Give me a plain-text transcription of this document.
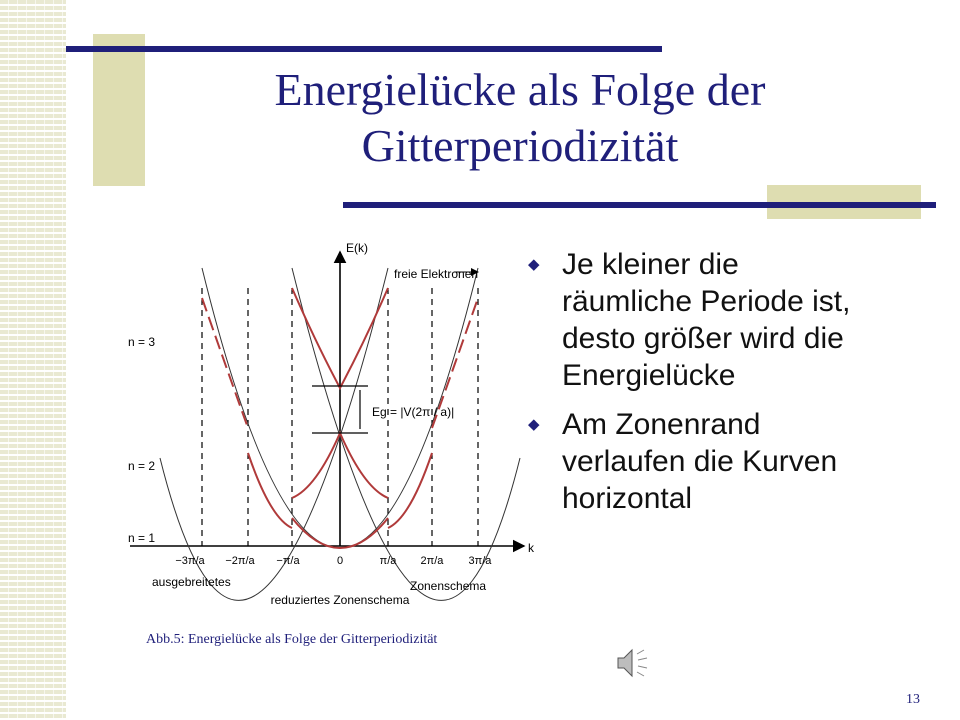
Energielücke als Folge der Gitterperiodizität
◆ Je kleiner die räumliche Periode ist, desto größer wird die Energielücke
◆ Am Zonenrand verlaufen die Kurven horizontal
Eg = |V(2π / a)|
E(k)
k
freie Elektronen
n = 3
n = 2
n = 1
−3π/a −2π/a −π/a	0	π/a 2π/a 3π/a
ausgebreitetes	Zonenschema
reduziertes Zonenschema

Abb.5: Energielücke als Folge der Gitterperiodizität

13
